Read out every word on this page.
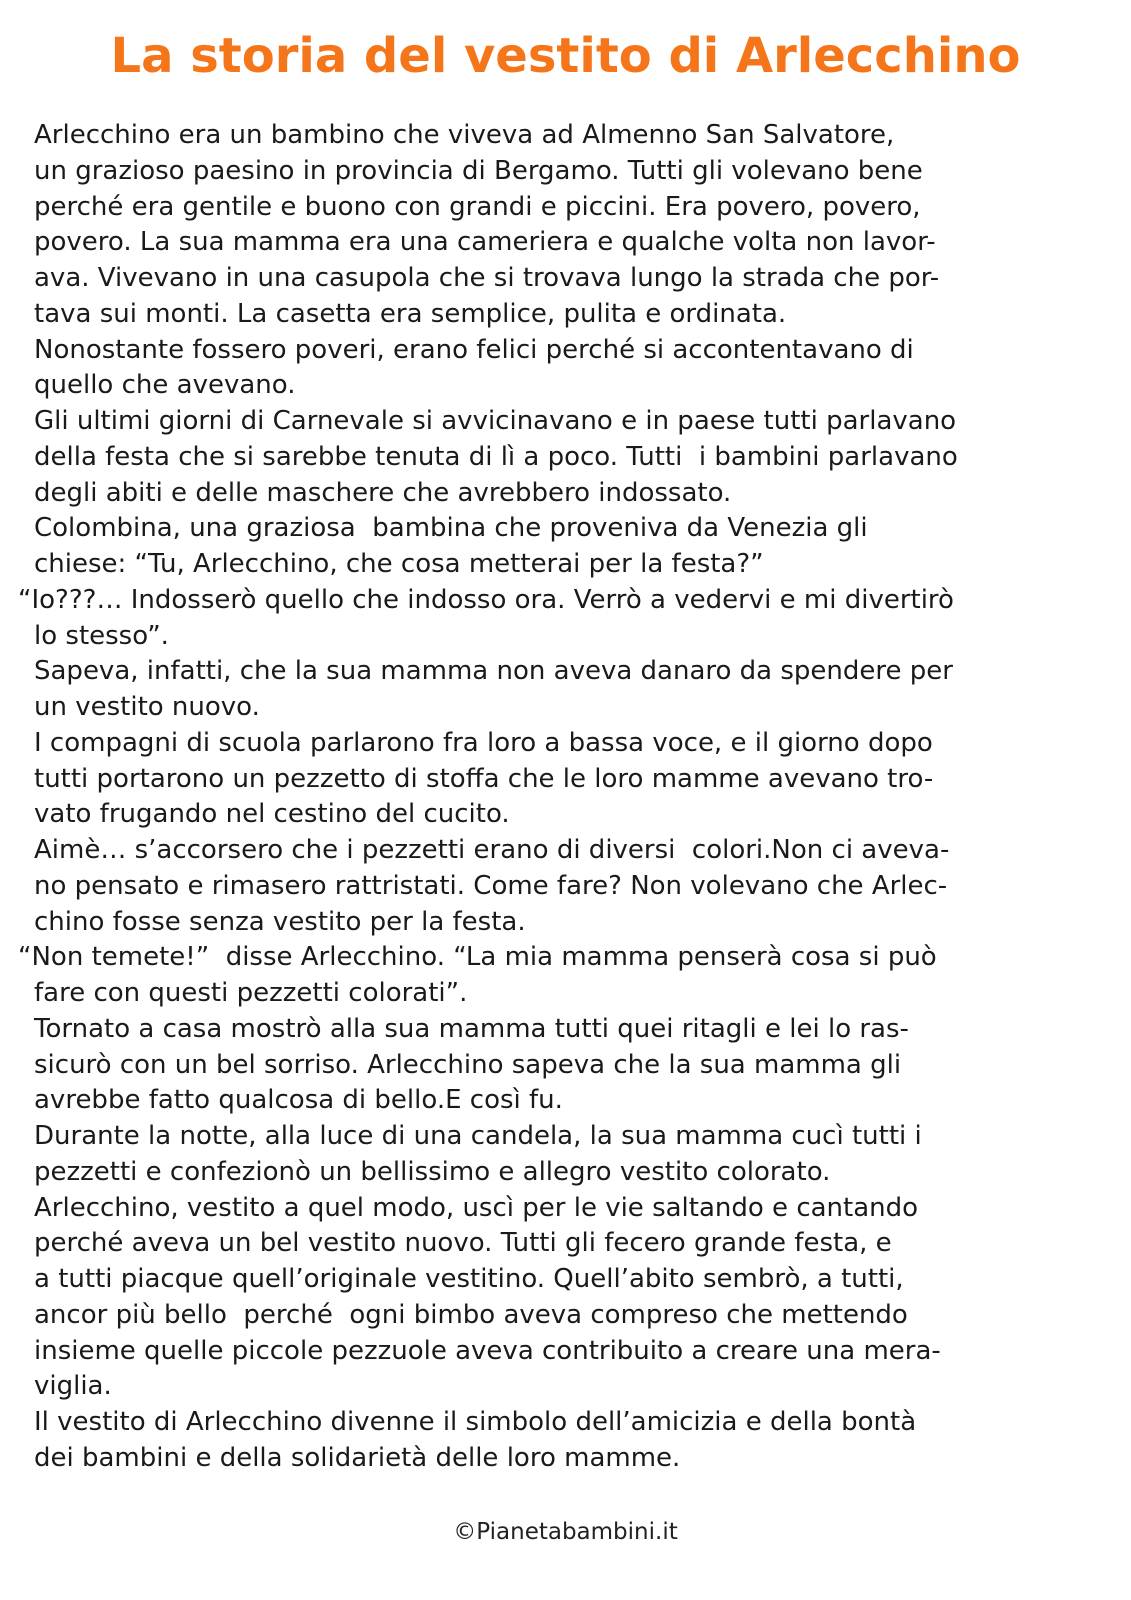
La storia del vestito di Arlecchino
Arlecchino era un bambino che viveva ad Almenno San Salvatore,
un grazioso paesino in provincia di Bergamo. Tutti gli volevano bene
perché era gentile e buono con grandi e piccini. Era povero, povero,
povero. La sua mamma era una cameriera e qualche volta non lavor-
ava. Vivevano in una casupola che si trovava lungo la strada che por-
tava sui monti. La casetta era semplice, pulita e ordinata.
Nonostante fossero poveri, erano felici perché si accontentavano di
quello che avevano.
Gli ultimi giorni di Carnevale si avvicinavano e in paese tutti parlavano
della festa che si sarebbe tenuta di lì a poco. Tutti  i bambini parlavano
degli abiti e delle maschere che avrebbero indossato.
Colombina, una graziosa  bambina che proveniva da Venezia gli
chiese: “Tu, Arlecchino, che cosa metterai per la festa?”
“Io???… Indosserò quello che indosso ora. Verrò a vedervi e mi divertirò
lo stesso”.
Sapeva, infatti, che la sua mamma non aveva danaro da spendere per
un vestito nuovo.
I compagni di scuola parlarono fra loro a bassa voce, e il giorno dopo
tutti portarono un pezzetto di stoffa che le loro mamme avevano tro-
vato frugando nel cestino del cucito.
Aimè… s’accorsero che i pezzetti erano di diversi  colori.Non ci aveva-
no pensato e rimasero rattristati. Come fare? Non volevano che Arlec-
chino fosse senza vestito per la festa.
“Non temete!”  disse Arlecchino. “La mia mamma penserà cosa si può
fare con questi pezzetti colorati”.
Tornato a casa mostrò alla sua mamma tutti quei ritagli e lei lo ras-
sicurò con un bel sorriso. Arlecchino sapeva che la sua mamma gli
avrebbe fatto qualcosa di bello.E così fu.
Durante la notte, alla luce di una candela, la sua mamma cucì tutti i
pezzetti e confezionò un bellissimo e allegro vestito colorato.
Arlecchino, vestito a quel modo, uscì per le vie saltando e cantando
perché aveva un bel vestito nuovo. Tutti gli fecero grande festa, e
a tutti piacque quell’originale vestitino. Quell’abito sembrò, a tutti,
ancor più bello  perché  ogni bimbo aveva compreso che mettendo
insieme quelle piccole pezzuole aveva contribuito a creare una mera-
viglia.
Il vestito di Arlecchino divenne il simbolo dell’amicizia e della bontà
dei bambini e della solidarietà delle loro mamme.
©Pianetabambini.it
